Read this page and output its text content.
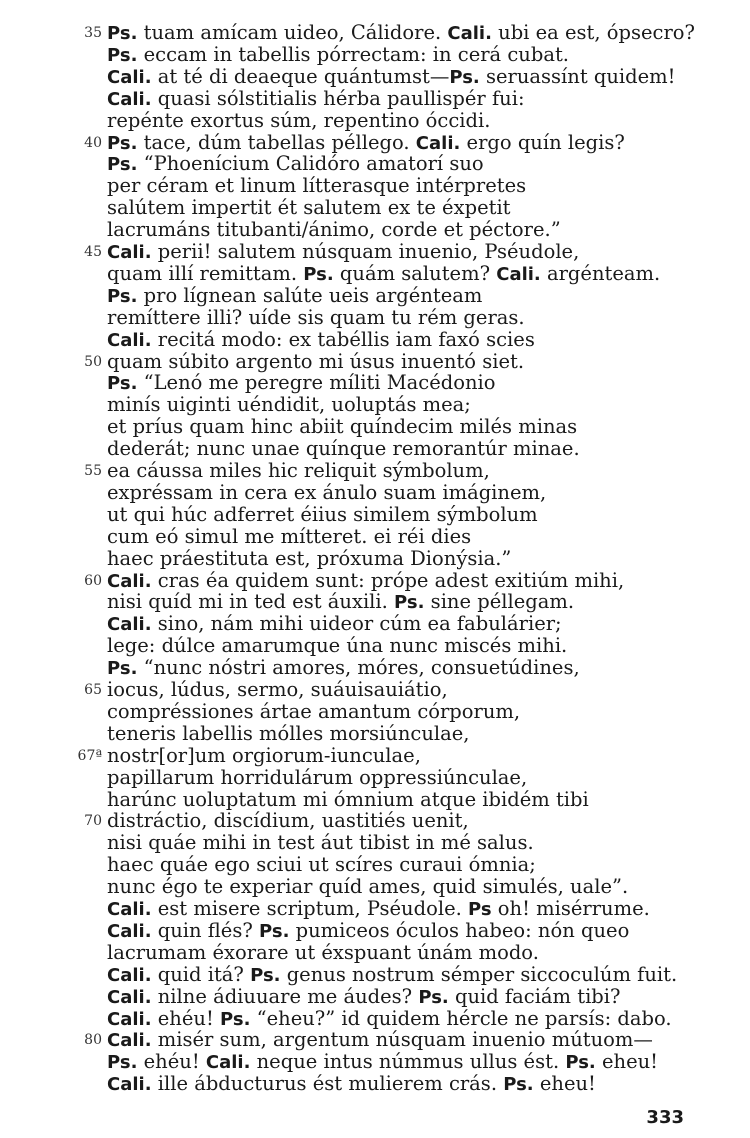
35 Ps. tuam amícam uideo, Cálidore. Cali. ubi ea est, ópsecro?
Ps. eccam in tabellis pórrectam: in cerá cubat.
Cali. at té di deaeque quántumst—Ps. seruassínt quidem!
Cali. quasi sólstitialis hérba paullispér fui:
repénte exortus súm, repentino óccidi.
40 Ps. tace, dúm tabellas péllego. Cali. ergo quín legis?
Ps. “Phoenícium Calidóro amatorí suo
per céram et linum lítterasque intérpretes
salútem impertit ét salutem ex te éxpetit
lacrumáns titubanti/ánimo, corde et péctore.”
45 Cali. perii! salutem núsquam inuenio, Pséudole,
quam illí remittam. Ps. quám salutem? Cali. argénteam.
Ps. pro lígnean salúte ueis argénteam
remíttere illi? uíde sis quam tu rém geras.
Cali. recitá modo: ex tabéllis iam faxó scies
50 quam súbito argento mi úsus inuentó siet.
Ps. “Lenó me peregre míliti Macédonio
minís uiginti uéndidit, uoluptás mea;
et príus quam hinc abiit quíndecim milés minas
dederát; nunc unae quínque remorantúr minae.
55 ea cáussa miles hic reliquit sýmbolum,
expréssam in cera ex ánulo suam imáginem,
ut qui húc adferret éiius similem sýmbolum
cum eó simul me mítteret. ei réi dies
haec práestituta est, próxuma Dionýsia.”
60 Cali. cras éa quidem sunt: próре adest exitiúm mihi,
nisi quíd mi in ted est áuxili. Ps. sine péllegam.
Cali. sino, nám mihi uideor cúm ea fabulárier;
lege: dúlce amarumque úna nunc miscés mihi.
Ps. “nunc nóstri amores, móres, consuetúdines,
65 iocus, lúdus, sermo, suáuisauiátio,
compréssiones ártae amantum córporum,
teneris labellis mólles morsiúnculae,
67ª nostr[or]um orgiorum-iunculae,
papillarum horridulárum oppressiúnculae,
harúnc uoluptatum mi ómnium atque ibidém tibi
70 distráctio, discídium, uastitiés uenit,
nisi quáe mihi in test áut tibist in mé salus.
haec quáe ego sciui ut scíres curaui ómnia;
nunc égo te experiar quíd ames, quid simulés, uale”.
Cali. est misere scriptum, Pséudole. Ps oh! misérrume.
Cali. quin flés? Ps. pumiceos óculos habeo: nón queo
lacrumam éxorare ut éxspuant únám modo.
Cali. quid itá? Ps. genus nostrum sémper siccoculúm fuit.
Cali. nilne ádiuuare me áudes? Ps. quid faciám tibi?
Cali. ehéu! Ps. “eheu?” id quidem hércle ne parsís: dabo.
80 Cali. misér sum, argentum núsquam inuenio mútuom—
Ps. ehéu! Cali. neque intus númmus ullus ést. Ps. eheu!
Cali. ille ábducturus ést mulierem crás. Ps. eheu!
333
